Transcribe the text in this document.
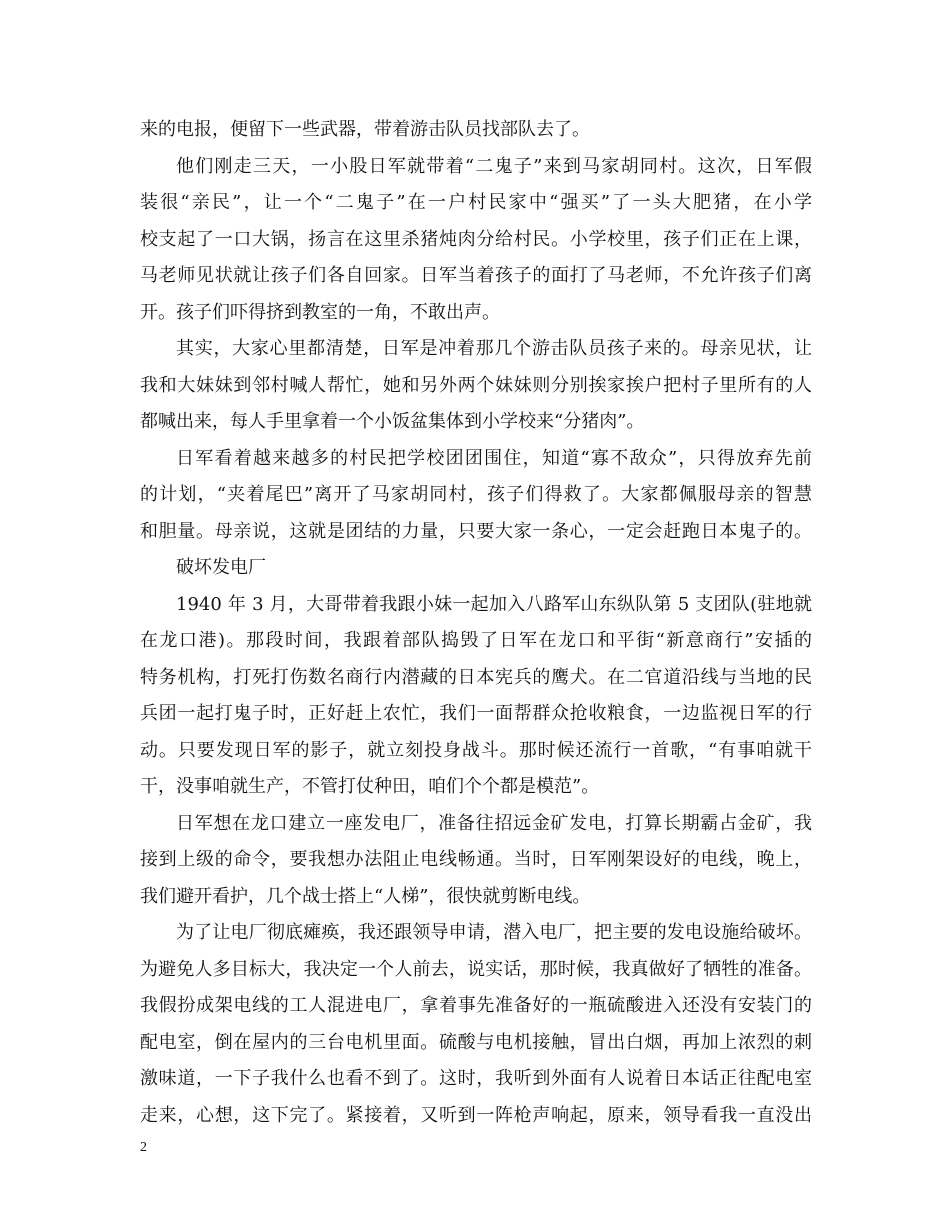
来的电报，便留下一些武器，带着游击队员找部队去了。
他们刚走三天，一小股日军就带着“二鬼子”来到马家胡同村。这次，日军假
装很“亲民”，让一个“二鬼子”在一户村民家中“强买”了一头大肥猪，在小学
校支起了一口大锅，扬言在这里杀猪炖肉分给村民。小学校里，孩子们正在上课，
马老师见状就让孩子们各自回家。日军当着孩子的面打了马老师，不允许孩子们离
开。孩子们吓得挤到教室的一角，不敢出声。
其实，大家心里都清楚，日军是冲着那几个游击队员孩子来的。母亲见状，让
我和大妹妹到邻村喊人帮忙，她和另外两个妹妹则分别挨家挨户把村子里所有的人
都喊出来，每人手里拿着一个小饭盆集体到小学校来“分猪肉”。
日军看着越来越多的村民把学校团团围住，知道“寡不敌众”，只得放弃先前
的计划，“夹着尾巴”离开了马家胡同村，孩子们得救了。大家都佩服母亲的智慧
和胆量。母亲说，这就是团结的力量，只要大家一条心，一定会赶跑日本鬼子的。
破坏发电厂
1940 年 3 月，大哥带着我跟小妹一起加入八路军山东纵队第 5 支团队(驻地就
在龙口港)。那段时间，我跟着部队捣毁了日军在龙口和平街“新意商行”安插的
特务机构，打死打伤数名商行内潜藏的日本宪兵的鹰犬。在二官道沿线与当地的民
兵团一起打鬼子时，正好赶上农忙，我们一面帮群众抢收粮食，一边监视日军的行
动。只要发现日军的影子，就立刻投身战斗。那时候还流行一首歌，“有事咱就干
干，没事咱就生产，不管打仗种田，咱们个个都是模范”。
日军想在龙口建立一座发电厂，准备往招远金矿发电，打算长期霸占金矿，我
接到上级的命令，要我想办法阻止电线畅通。当时，日军刚架设好的电线，晚上，
我们避开看护，几个战士搭上“人梯”，很快就剪断电线。
为了让电厂彻底瘫痪，我还跟领导申请，潜入电厂，把主要的发电设施给破坏。
为避免人多目标大，我决定一个人前去，说实话，那时候，我真做好了牺牲的准备。
我假扮成架电线的工人混进电厂，拿着事先准备好的一瓶硫酸进入还没有安装门的
配电室，倒在屋内的三台电机里面。硫酸与电机接触，冒出白烟，再加上浓烈的刺
激味道，一下子我什么也看不到了。这时，我听到外面有人说着日本话正往配电室
走来，心想，这下完了。紧接着，又听到一阵枪声响起，原来，领导看我一直没出
2
